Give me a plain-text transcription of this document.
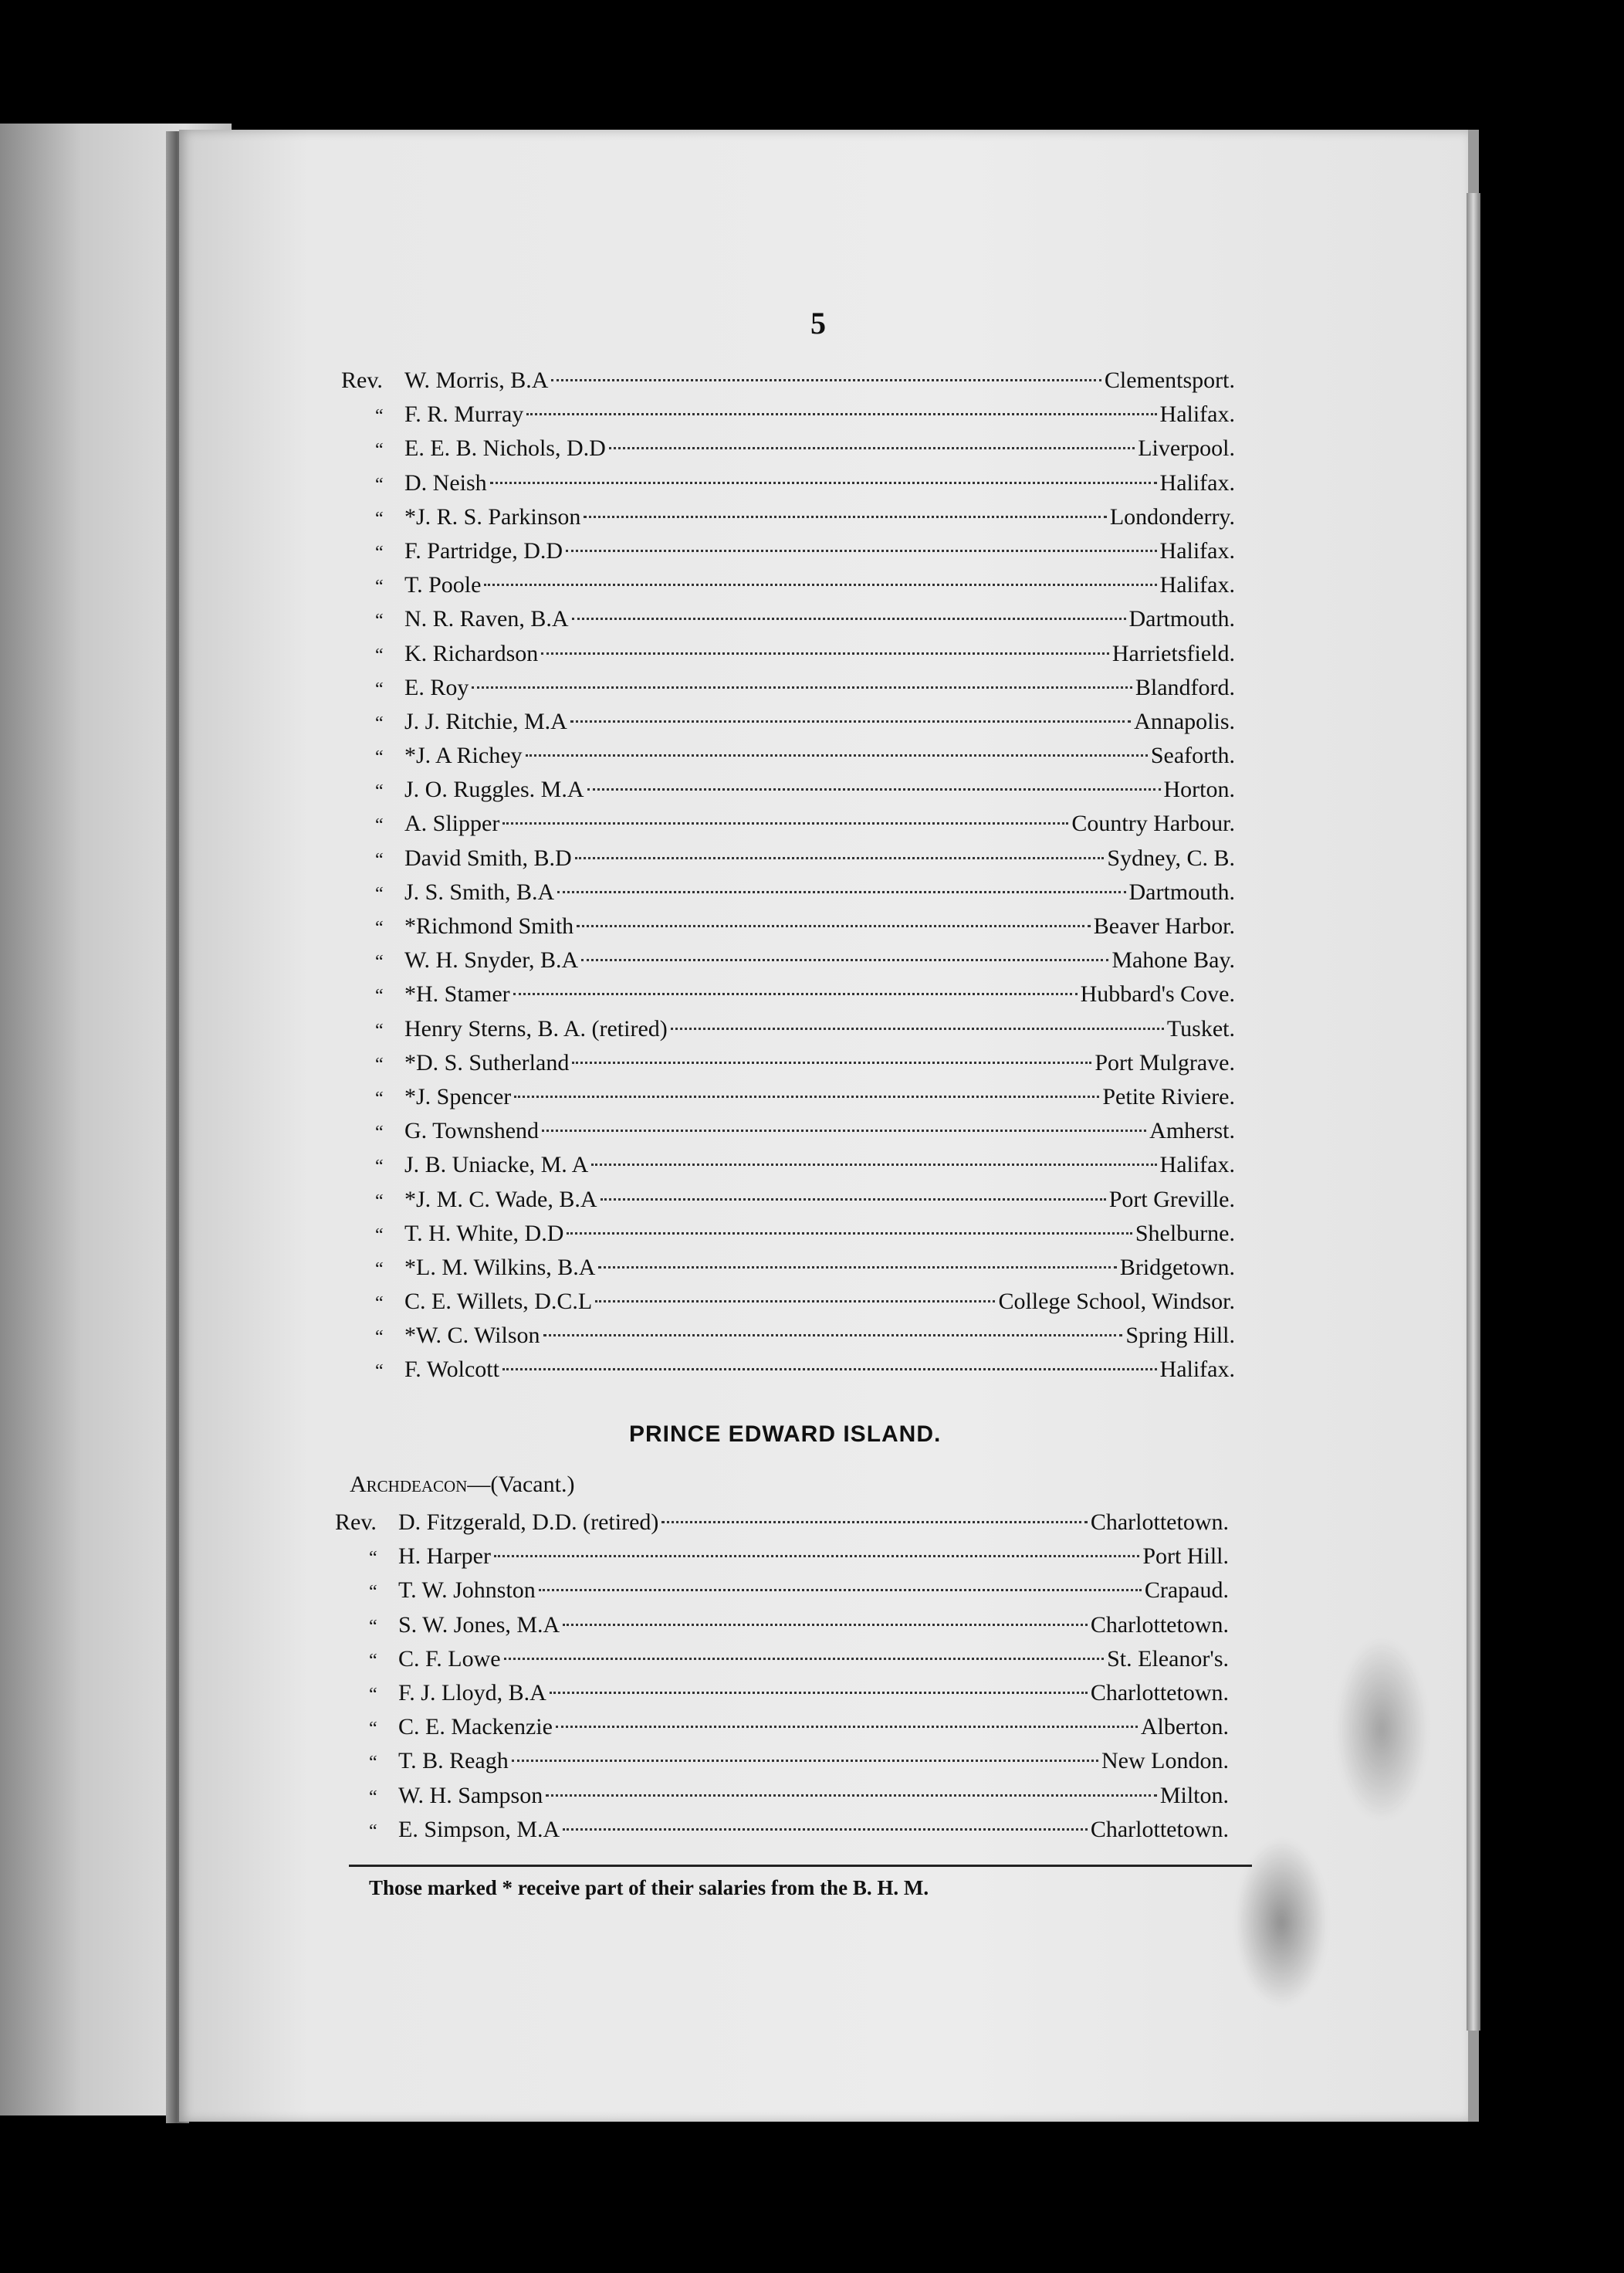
5
Rev. W. Morris, B.A	Clementsport.
“ F. R. Murray	Halifax.
“ E. E. B. Nichols, D.D	Liverpool.
“ D. Neish	Halifax.
“ *J. R. S. Parkinson	Londonderry.
“ F. Partridge, D.D	Halifax.
“ T. Poole	Halifax.
“ N. R. Raven, B.A	Dartmouth.
“ K. Richardson	Harrietsfield.
“ E. Roy	Blandford.
“ J. J. Ritchie, M.A	Annapolis.
“ *J. A Richey	Seaforth.
“ J. O. Ruggles. M.A	Horton.
“ A. Slipper	Country Harbour.
“ David Smith, B.D	Sydney, C. B.
“ J. S. Smith, B.A	Dartmouth.
“ *Richmond Smith	Beaver Harbor.
“ W. H. Snyder, B.A	Mahone Bay.
“ *H. Stamer	Hubbard's Cove.
“ Henry Sterns, B. A. (retired)	Tusket.
“ *D. S. Sutherland	Port Mulgrave.
“ *J. Spencer	Petite Riviere.
“ G. Townshend	Amherst.
“ J. B. Uniacke, M. A	Halifax.
“ *J. M. C. Wade, B.A	Port Greville.
“ T. H. White, D.D	Shelburne.
“ *L. M. Wilkins, B.A	Bridgetown.
“ C. E. Willets, D.C.L	College School, Windsor.
“ *W. C. Wilson	Spring Hill.
“ F. Wolcott	Halifax.
PRINCE EDWARD ISLAND.
Archdeacon—(Vacant.)
Rev. D. Fitzgerald, D.D. (retired)	Charlottetown.
“ H. Harper	Port Hill.
“ T. W. Johnston	Crapaud.
“ S. W. Jones, M.A	Charlottetown.
“ C. F. Lowe	St. Eleanor's.
“ F. J. Lloyd, B.A	Charlottetown.
“ C. E. Mackenzie	Alberton.
“ T. B. Reagh	New London.
“ W. H. Sampson	Milton.
“ E. Simpson, M.A	Charlottetown.
Those marked * receive part of their salaries from the B. H. M.
